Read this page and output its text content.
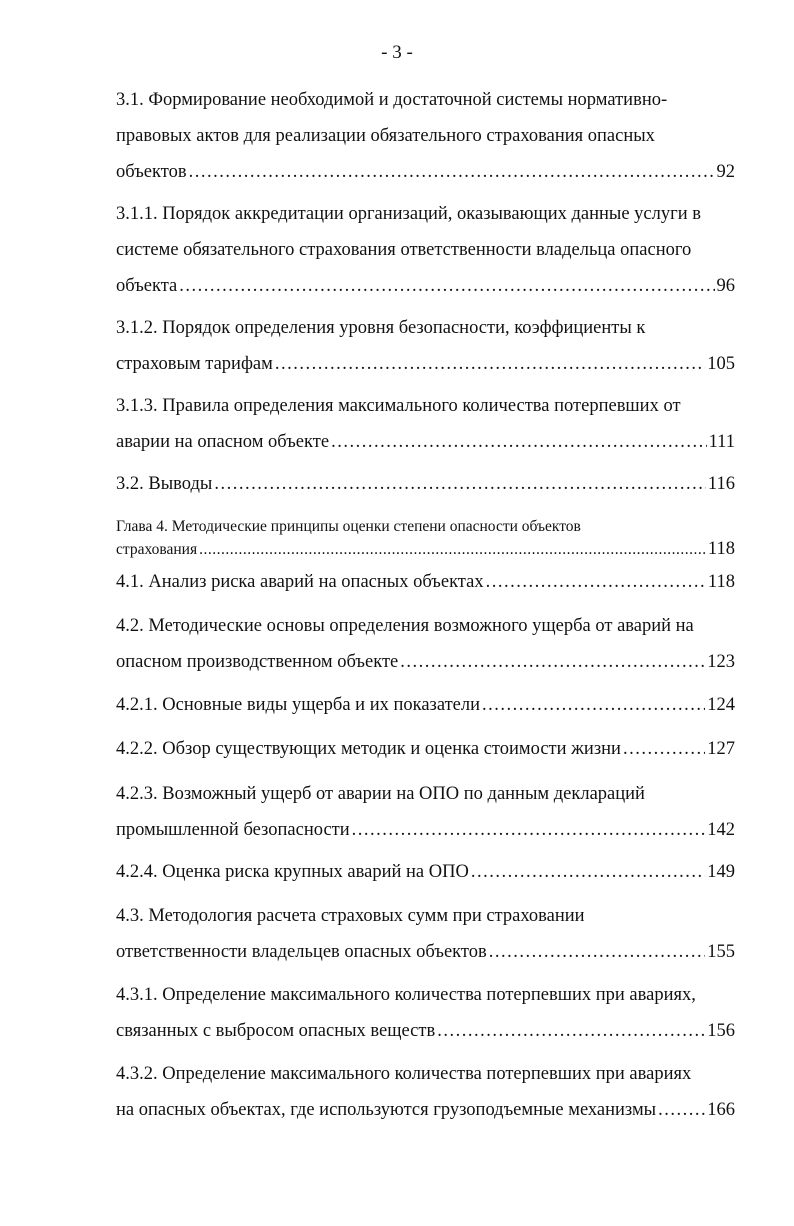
- 3 -
3.1. Формирование необходимой и достаточной системы нормативно-
правовых актов для реализации обязательного страхования опасных
объектов .....	92
3.1.1. Порядок аккредитации организаций, оказывающих данные услуги в
системе обязательного страхования ответственности владельца опасного
объекта .....	96
3.1.2. Порядок определения уровня безопасности, коэффициенты к
страховым тарифам .....	105
3.1.3. Правила определения максимального количества потерпевших от
аварии на опасном объекте .....	111
3.2. Выводы .....	116
Глава 4. Методические принципы оценки степени опасности объектов
страхования .....	118
4.1. Анализ риска аварий на опасных объектах .....	118
4.2. Методические основы определения возможного ущерба от аварий на
опасном производственном объекте .....	123
4.2.1. Основные виды ущерба и их показатели .....	124
4.2.2. Обзор существующих методик и оценка стоимости жизни .....	127
4.2.3. Возможный ущерб от аварии на ОПО по данным деклараций
промышленной безопасности .....	142
4.2.4. Оценка риска крупных аварий на ОПО .....	149
4.3. Методология расчета страховых сумм при страховании
ответственности владельцев опасных объектов .....	155
4.3.1. Определение максимального количества потерпевших при авариях,
связанных с выбросом опасных веществ .....	156
4.3.2. Определение максимального количества потерпевших при авариях
на опасных объектах, где используются грузоподъемные механизмы .....	166
